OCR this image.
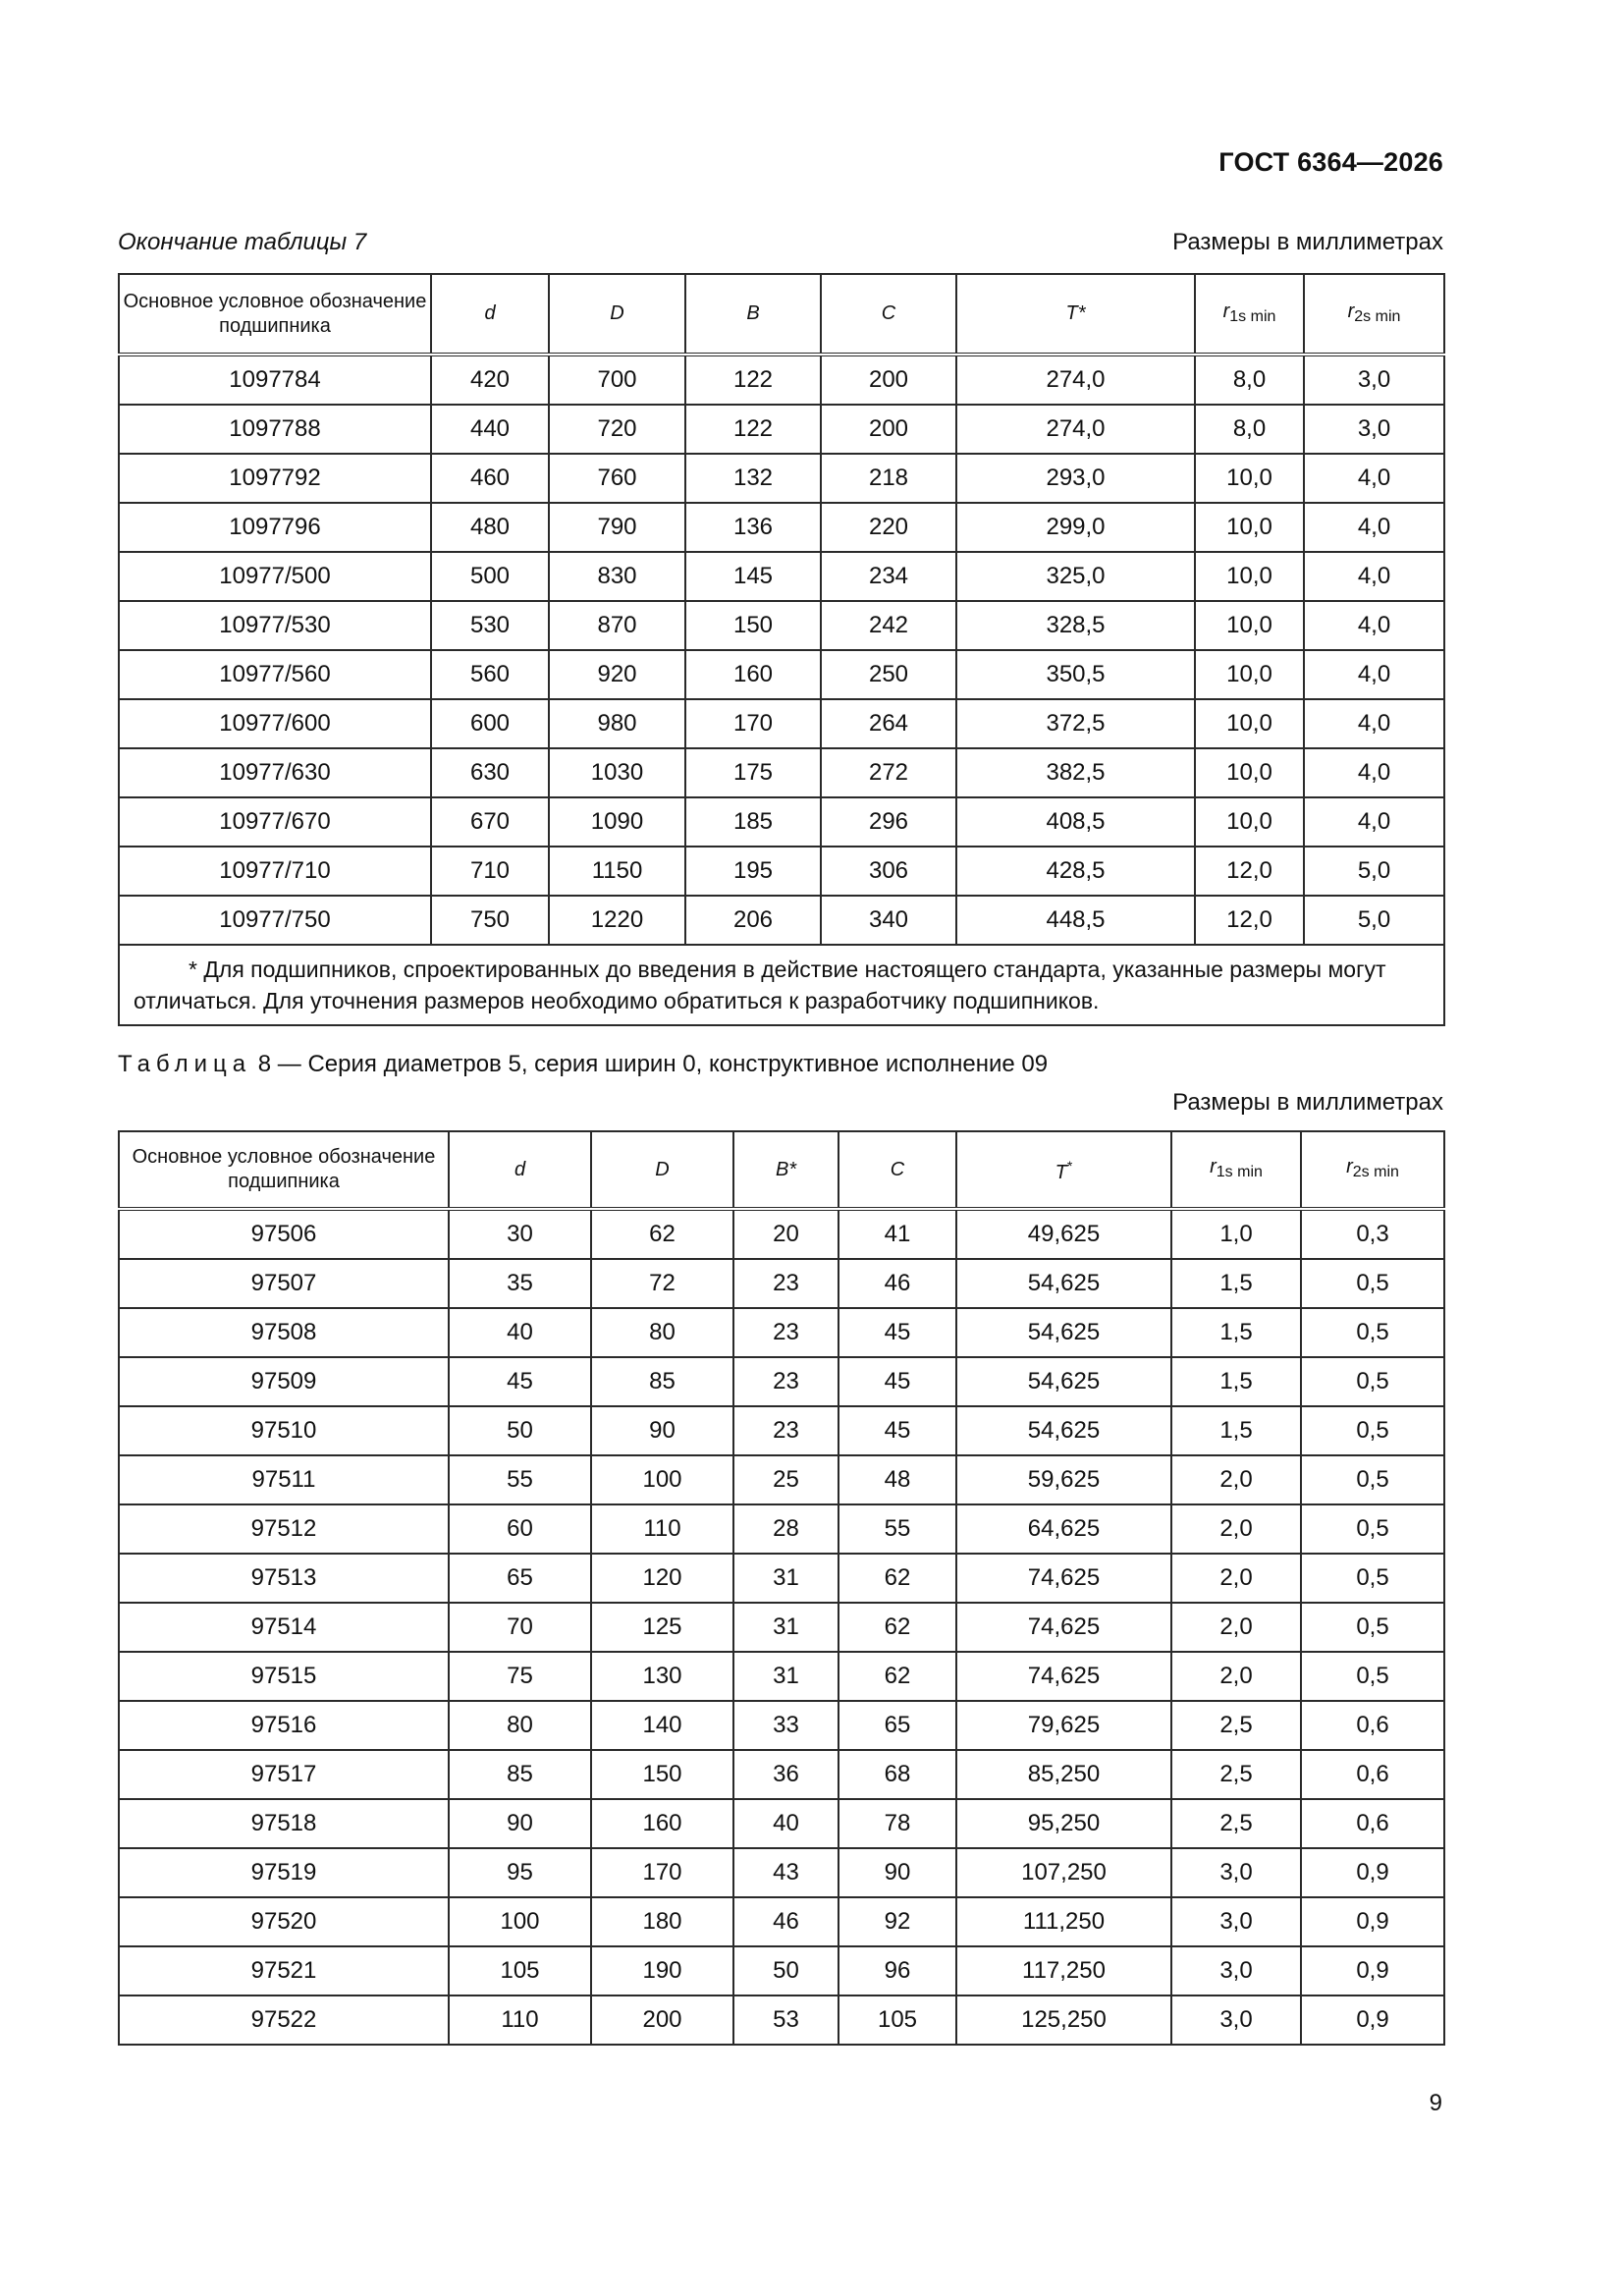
ГОСТ 6364—2026
Окончание таблицы 7	Размеры в миллиметрах
Основное условное обозначение подшипника	d	D	B	C	T*	$r_{1s min}$	$r_{2s min}$
1097784	420	700	122	200	274,0	8,0	3,0
1097788	440	720	122	200	274,0	8,0	3,0
1097792	460	760	132	218	293,0	10,0	4,0
1097796	480	790	136	220	299,0	10,0	4,0
10977/500	500	830	145	234	325,0	10,0	4,0
10977/530	530	870	150	242	328,5	10,0	4,0
10977/560	560	920	160	250	350,5	10,0	4,0
10977/600	600	980	170	264	372,5	10,0	4,0
10977/630	630	1030	175	272	382,5	10,0	4,0
10977/670	670	1090	185	296	408,5	10,0	4,0
10977/710	710	1150	195	306	428,5	12,0	5,0
10977/750	750	1220	206	340	448,5	12,0	5,0
* Для подшипников, спроектированных до введения в действие настоящего стандарта, указанные размеры могут отличаться. Для уточнения размеров необходимо обратиться к разработчику подшипников.							
Таблица 8 — Серия диаметров 5, серия ширин 0, конструктивное исполнение 09
Размеры в миллиметрах
Основное условное обозначение подшипника	d	D	B*	C	T*	$r_{1s min}$	$r_{2s min}$
97506	30	62	20	41	49,625	1,0	0,3
97507	35	72	23	46	54,625	1,5	0,5
97508	40	80	23	45	54,625	1,5	0,5
97509	45	85	23	45	54,625	1,5	0,5
97510	50	90	23	45	54,625	1,5	0,5
97511	55	100	25	48	59,625	2,0	0,5
97512	60	110	28	55	64,625	2,0	0,5
97513	65	120	31	62	74,625	2,0	0,5
97514	70	125	31	62	74,625	2,0	0,5
97515	75	130	31	62	74,625	2,0	0,5
97516	80	140	33	65	79,625	2,5	0,6
97517	85	150	36	68	85,250	2,5	0,6
97518	90	160	40	78	95,250	2,5	0,6
97519	95	170	43	90	107,250	3,0	0,9
97520	100	180	46	92	111,250	3,0	0,9
97521	105	190	50	96	117,250	3,0	0,9
97522	110	200	53	105	125,250	3,0	0,9
9
